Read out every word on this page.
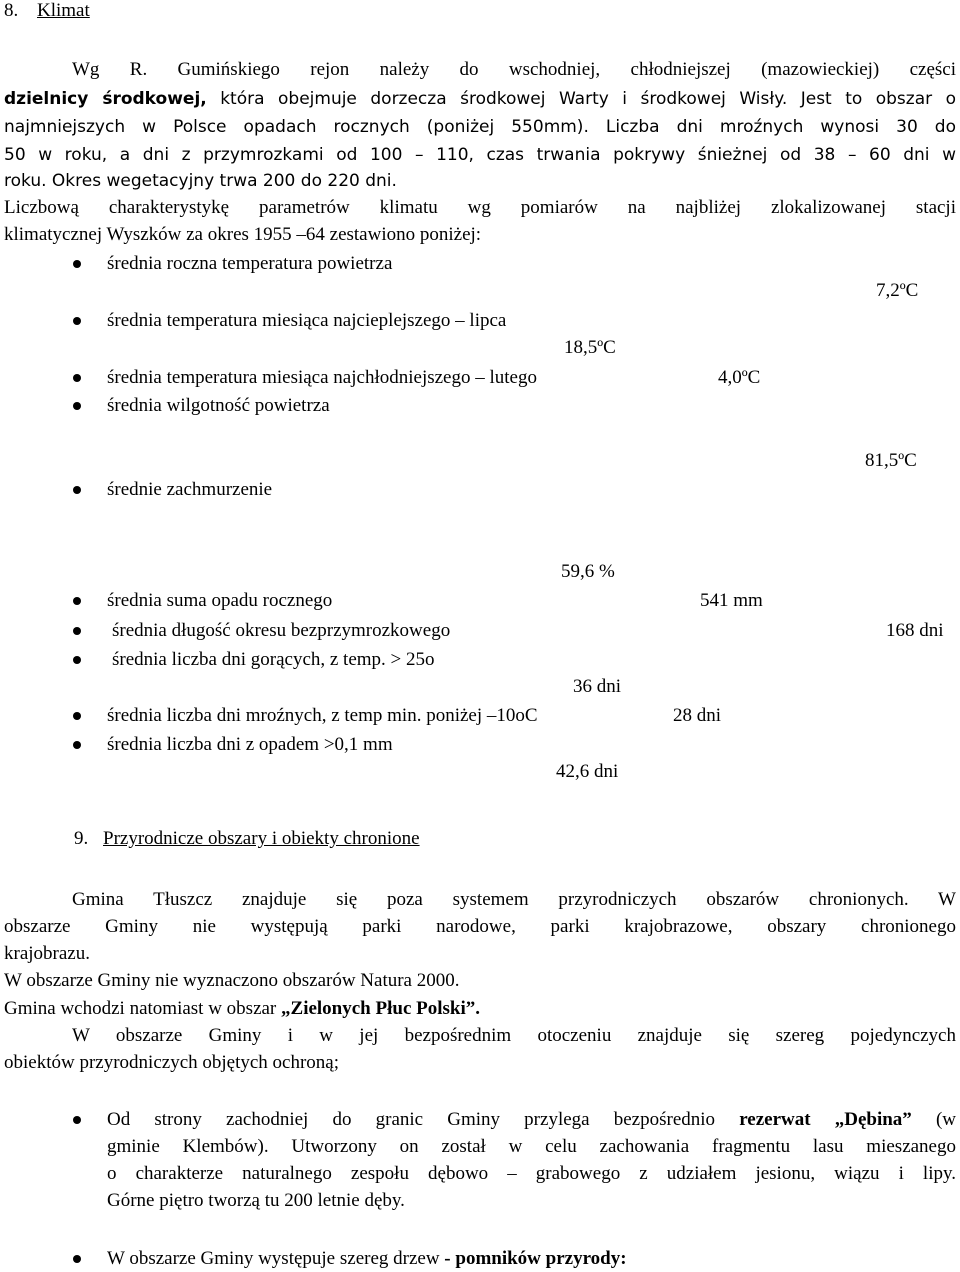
8. Klimat
Wg R. Gumińskiego rejon należy do wschodniej, chłodniejszej (mazowieckiej) części
dzielnicy środkowej, która obejmuje dorzecza środkowej Warty i środkowej Wisły. Jest to obszar o
najmniejszych w Polsce opadach rocznych (poniżej 550mm). Liczba dni mroźnych wynosi 30 do
50 w roku, a dni z przymrozkami od 100 – 110, czas trwania pokrywy śnieżnej od 38 – 60 dni w
roku. Okres wegetacyjny trwa 200 do 220 dni.
Liczbową charakterystykę parametrów klimatu wg pomiarów na najbliżej zlokalizowanej stacji
klimatycznej Wyszków za okres 1955 –64 zestawiono poniżej:
średnia roczna temperatura powietrza
7,2ºC
średnia temperatura miesiąca najcieplejszego – lipca
18,5ºC
średnia temperatura miesiąca najchłodniejszego – lutego	4,0ºC
średnia wilgotność powietrza
81,5ºC
średnie zachmurzenie
59,6 %
średnia suma opadu rocznego	541 mm
średnia długość okresu bezprzymrozkowego	168 dni
średnia liczba dni gorących, z temp. > 25o
36 dni
średnia liczba dni mroźnych, z temp min. poniżej –10oC	28 dni
średnia liczba dni z opadem >0,1 mm
42,6 dni
9. Przyrodnicze obszary i obiekty chronione
Gmina Tłuszcz znajduje się poza systemem przyrodniczych obszarów chronionych. W
obszarze Gminy nie występują parki narodowe, parki krajobrazowe, obszary chronionego
krajobrazu.
W obszarze Gminy nie wyznaczono obszarów Natura 2000.
Gmina wchodzi natomiast w obszar „Zielonych Płuc Polski”.
W obszarze Gminy i w jej bezpośrednim otoczeniu znajduje się szereg pojedynczych
obiektów przyrodniczych objętych ochroną;
Od strony zachodniej do granic Gminy przylega bezpośrednio rezerwat „Dębina” (w
gminie Klembów). Utworzony on został w celu zachowania fragmentu lasu mieszanego
o charakterze naturalnego zespołu dębowo – grabowego z udziałem jesionu, wiązu i lipy.
Górne piętro tworzą tu 200 letnie dęby.
W obszarze Gminy występuje szereg drzew - pomników przyrody:
